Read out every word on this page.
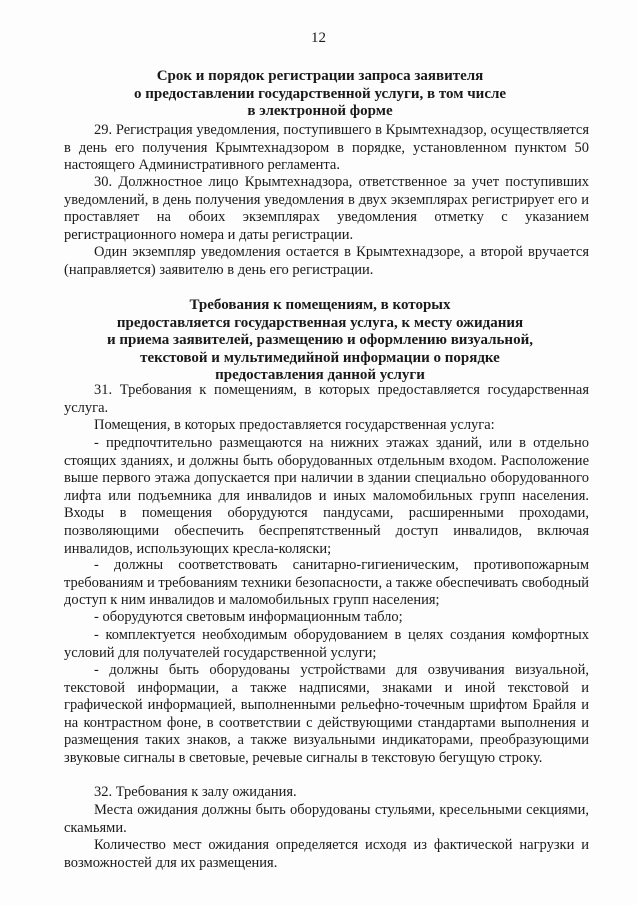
12
Срок и порядок регистрации запроса заявителя
о предоставлении государственной услуги, в том числе
в электронной форме
29. Регистрация уведомления, поступившего в Крымтехнадзор, осуществляется в день его получения Крымтехнадзором в порядке, установленном пунктом 50 настоящего Административного регламента.
30. Должностное лицо Крымтехнадзора, ответственное за учет поступивших уведомлений, в день получения уведомления в двух экземплярах регистрирует его и проставляет на обоих экземплярах уведомления отметку с указанием регистрационного номера и даты регистрации.
Один экземпляр уведомления остается в Крымтехнадзоре, а второй вручается (направляется) заявителю в день его регистрации.
Требования к помещениям, в которых
предоставляется государственная услуга, к месту ожидания
и приема заявителей, размещению и оформлению визуальной,
текстовой и мультимедийной информации о порядке
предоставления данной услуги
31. Требования к помещениям, в которых предоставляется государственная услуга.
Помещения, в которых предоставляется государственная услуга:
- предпочтительно размещаются на нижних этажах зданий, или в отдельно стоящих зданиях, и должны быть оборудованных отдельным входом. Расположение выше первого этажа допускается при наличии в здании специально оборудованного лифта или подъемника для инвалидов и иных маломобильных групп населения. Входы в помещения оборудуются пандусами, расширенными проходами, позволяющими обеспечить беспрепятственный доступ инвалидов, включая инвалидов, использующих кресла-коляски;
- должны соответствовать санитарно-гигиеническим, противопожарным требованиям и требованиям техники безопасности, а также обеспечивать свободный доступ к ним инвалидов и маломобильных групп населения;
- оборудуются световым информационным табло;
- комплектуется необходимым оборудованием в целях создания комфортных условий для получателей государственной услуги;
- должны быть оборудованы устройствами для озвучивания визуальной, текстовой информации, а также надписями, знаками и иной текстовой и графической информацией, выполненными рельефно-точечным шрифтом Брайля и на контрастном фоне, в соответствии с действующими стандартами выполнения и размещения таких знаков, а также визуальными индикаторами, преобразующими звуковые сигналы в световые, речевые сигналы в текстовую бегущую строку.
32. Требования к залу ожидания.
Места ожидания должны быть оборудованы стульями, кресельными секциями, скамьями.
Количество мест ожидания определяется исходя из фактической нагрузки и возможностей для их размещения.
